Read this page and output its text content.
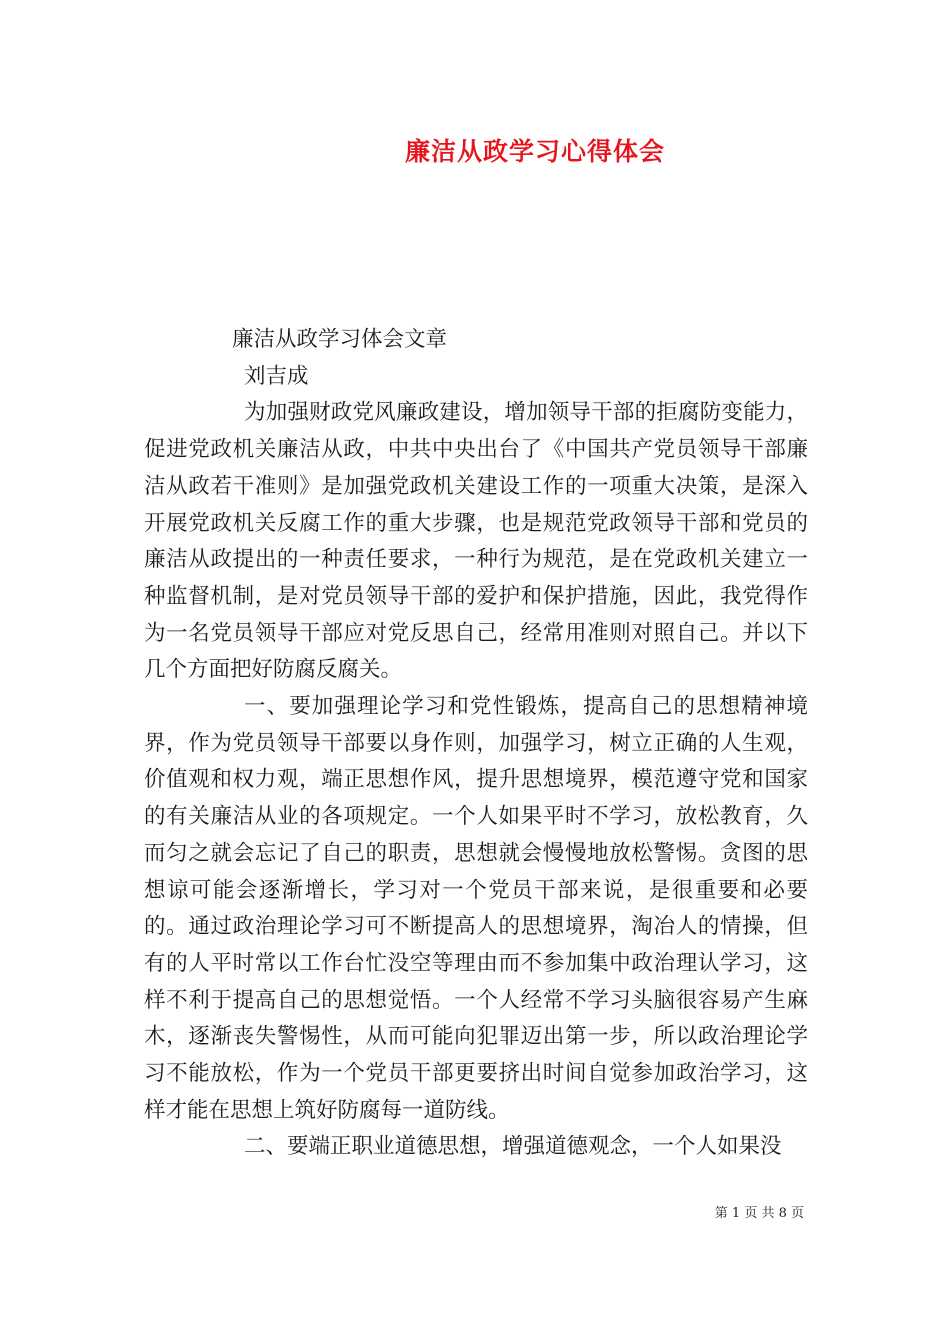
廉洁从政学习心得体会

廉洁从政学习体会文章

刘吉成

为加强财政党风廉政建设，增加领导干部的拒腐防变能力，促进党政机关廉洁从政，中共中央出台了《中国共产党员领导干部廉洁从政若干准则》是加强党政机关建设工作的一项重大决策，是深入开展党政机关反腐工作的重大步骤，也是规范党政领导干部和党员的廉洁从政提出的一种责任要求，一种行为规范，是在党政机关建立一种监督机制，是对党员领导干部的爱护和保护措施，因此，我党得作为一名党员领导干部应对党反思自己，经常用准则对照自己。并以下几个方面把好防腐反腐关。

一、要加强理论学习和党性锻炼，提高自己的思想精神境界，作为党员领导干部要以身作则，加强学习，树立正确的人生观，价值观和权力观，端正思想作风，提升思想境界，模范遵守党和国家的有关廉洁从业的各项规定。一个人如果平时不学习，放松教育，久而匀之就会忘记了自己的职责，思想就会慢慢地放松警惕。贪图的思想谅可能会逐渐增长，学习对一个党员干部来说，是很重要和必要的。通过政治理论学习可不断提高人的思想境界，淘冶人的情操，但有的人平时常以工作台忙没空等理由而不参加集中政治理认学习，这样不利于提高自己的思想觉悟。一个人经常不学习头脑很容易产生麻木，逐渐丧失警惕性，从而可能向犯罪迈出第一步，所以政治理论学习不能放松，作为一个党员干部更要挤出时间自觉参加政治学习，这样才能在思想上筑好防腐每一道防线。

二、要端正职业道德思想，增强道德观念，一个人如果没

第 1 页 共 8 页
